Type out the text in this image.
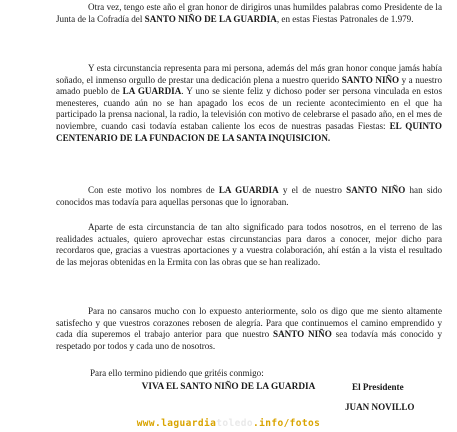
Otra vez, tengo este año el gran honor de dirigiros unas humildes palabras como Presidente de la Junta de la Cofradía del SANTO NIÑO DE LA GUARDIA, en estas Fiestas Patronales de 1.979.

Y esta circunstancia representa para mi persona, además del más gran honor conque jamás había soñado, el inmenso orgullo de prestar una dedicación plena a nuestro querido SANTO NIÑO y a nuestro amado pueblo de LA GUARDIA. Y uno se siente feliz y dichoso poder ser persona vinculada en estos menesteres, cuando aún no se han apagado los ecos de un reciente acontecimiento en el que ha participado la prensa nacional, la radio, la televisión con motivo de celebrarse el pasado año, en el mes de noviembre, cuando casi todavía estaban caliente los ecos de nuestras pasadas Fiestas: EL QUINTO CENTENARIO DE LA FUNDACION DE LA SANTA INQUISICION.

Con este motivo los nombres de LA GUARDIA y el de nuestro SANTO NIÑO han sido conocidos mas todavía para aquellas personas que lo ignoraban.

Aparte de esta circunstancia de tan alto significado para todos nosotros, en el terreno de las realidades actuales, quiero aprovechar estas circunstancias para daros a conocer, mejor dicho para recordaros que, gracias a vuestras aportaciones y a vuestra colaboración, ahí están a la vista el resultado de las mejoras obtenidas en la Ermita con las obras que se han realizado.

Para no cansaros mucho con lo expuesto anteriormente, solo os digo que me siento altamente satisfecho y que vuestros corazones rebosen de alegría. Para que continuemos el camino emprendido y cada día superemos el trabajo anterior para que nuestro SANTO NIÑO sea todavía más conocido y respetado por todos y cada uno de nosotros.

Para ello termino pidiendo que gritéis conmigo:

VIVA EL SANTO NIÑO DE LA GUARDIA	El Presidente

JUAN NOVILLO

www.laguardiatoledo.info/fotos
